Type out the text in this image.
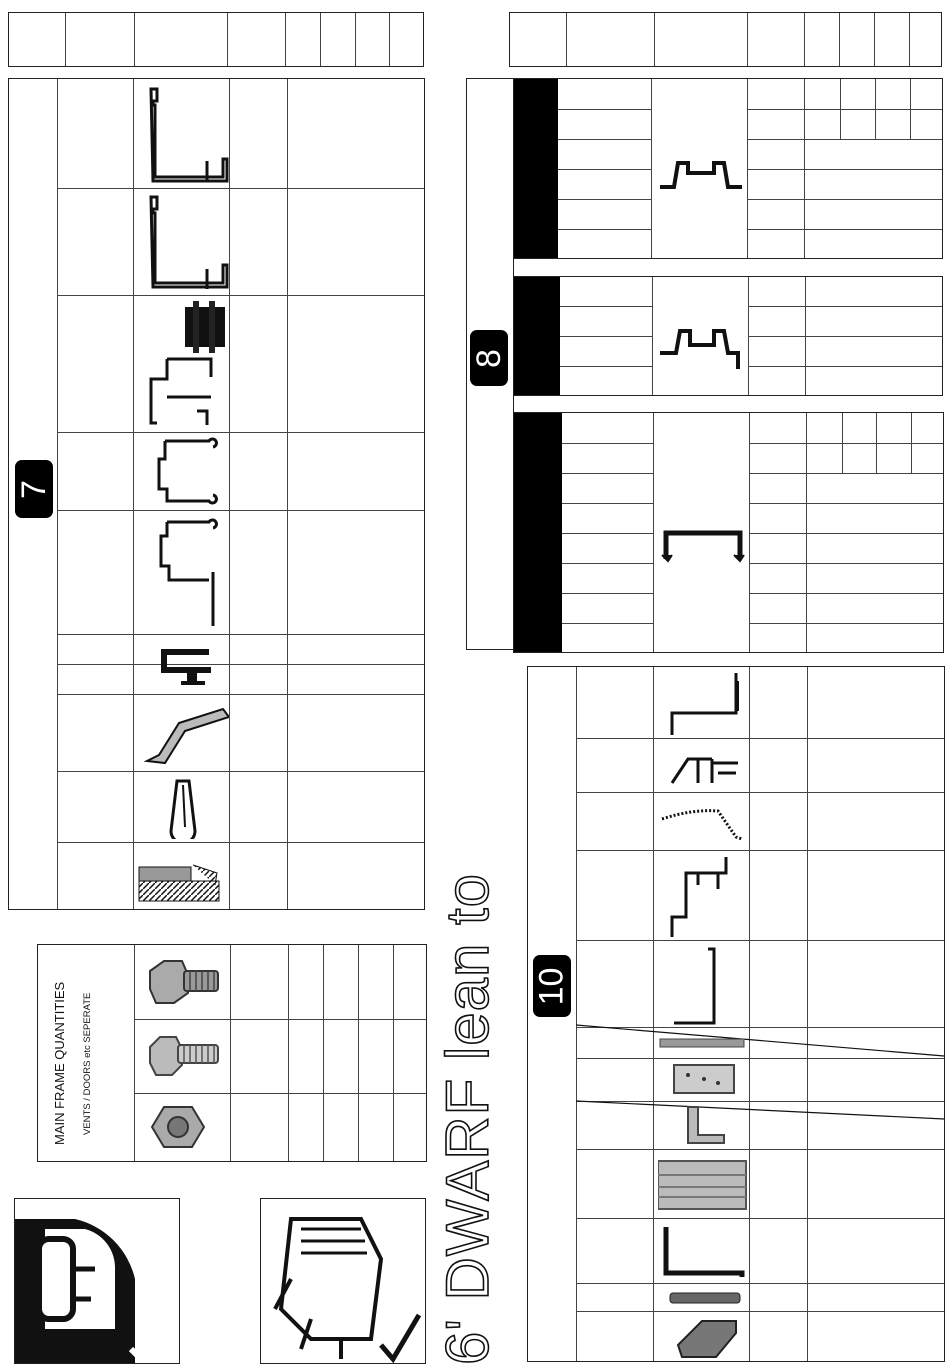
7
8
MAIN FRAME QUANTITIES VENTS / DOORS etc SEPERATE	6' DWARF lean to 10
